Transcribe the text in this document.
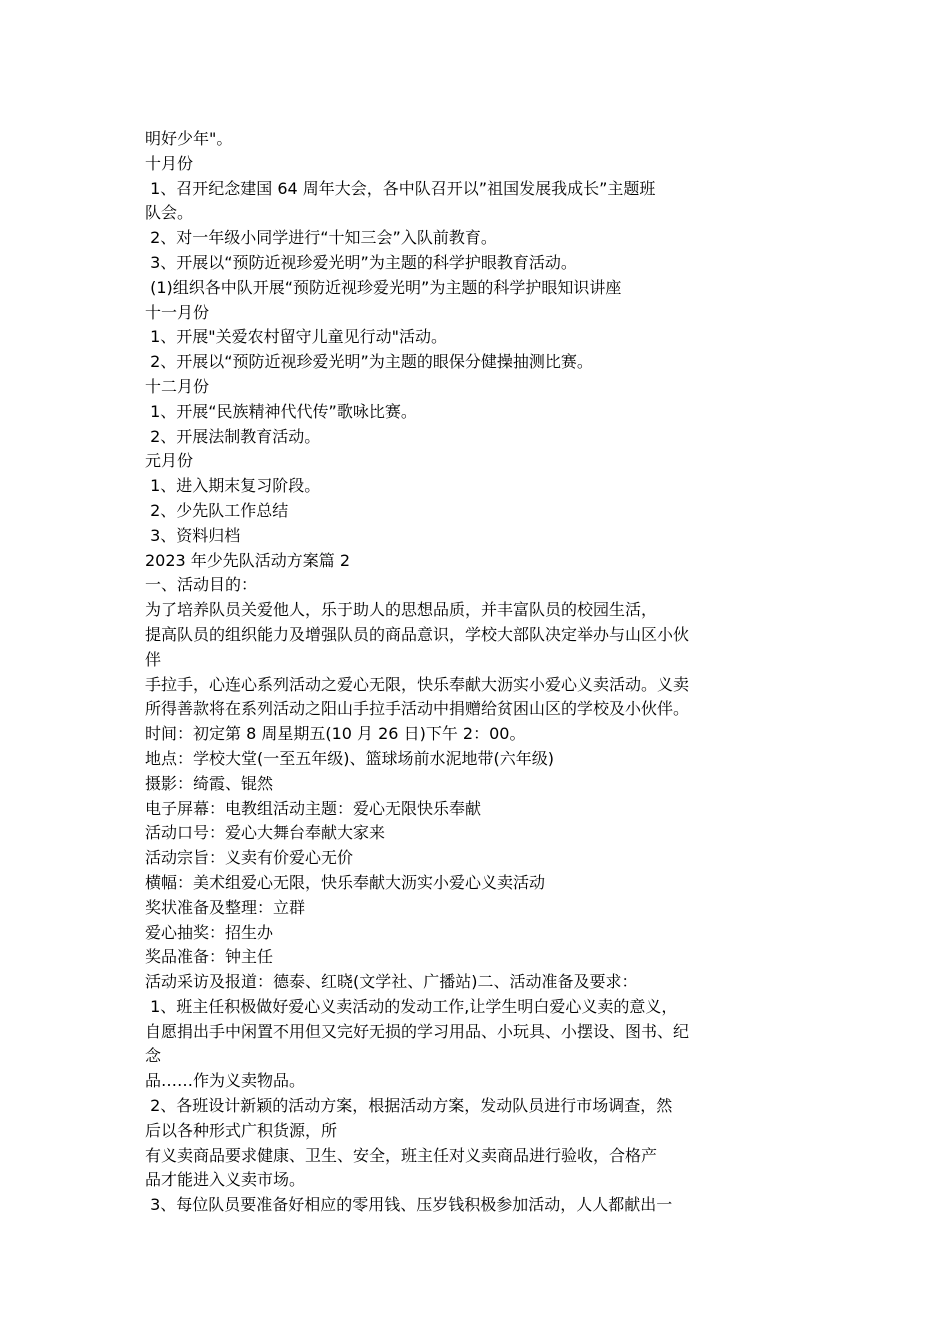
明好少年"。
十月份
1、召开纪念建国 64 周年大会，各中队召开以”祖国发展我成长”主题班
队会。
2、对一年级小同学进行“十知三会”入队前教育。
3、开展以“预防近视珍爱光明”为主题的科学护眼教育活动。
(1)组织各中队开展“预防近视珍爱光明”为主题的科学护眼知识讲座
十一月份
1、开展"关爱农村留守儿童见行动"活动。
2、开展以“预防近视珍爱光明”为主题的眼保分健操抽测比赛。
十二月份
1、开展“民族精神代代传”歌咏比赛。
2、开展法制教育活动。
元月份
1、进入期末复习阶段。
2、少先队工作总结
3、资料归档
2023 年少先队活动方案篇 2
一、活动目的：
为了培养队员关爱他人，乐于助人的思想品质，并丰富队员的校园生活，
提高队员的组织能力及增强队员的商品意识，学校大部队决定举办与山区小伙
伴
手拉手，心连心系列活动之爱心无限，快乐奉献大沥实小爱心义卖活动。义卖
所得善款将在系列活动之阳山手拉手活动中捐赠给贫困山区的学校及小伙伴。
时间：初定第 8 周星期五(10 月 26 日)下午 2：00。
地点：学校大堂(一至五年级)、篮球场前水泥地带(六年级)
摄影：绮霞、锟然
电子屏幕：电教组活动主题：爱心无限快乐奉献
活动口号：爱心大舞台奉献大家来
活动宗旨：义卖有价爱心无价
横幅：美术组爱心无限，快乐奉献大沥实小爱心义卖活动
奖状准备及整理：立群
爱心抽奖：招生办
奖品准备：钟主任
活动采访及报道：德泰、红晓(文学社、广播站)二、活动准备及要求：
1、班主任积极做好爱心义卖活动的发动工作,让学生明白爱心义卖的意义，
自愿捐出手中闲置不用但又完好无损的学习用品、小玩具、小摆设、图书、纪
念
品……作为义卖物品。
2、各班设计新颖的活动方案，根据活动方案，发动队员进行市场调查，然
后以各种形式广积货源，所
有义卖商品要求健康、卫生、安全，班主任对义卖商品进行验收，合格产
品才能进入义卖市场。
3、每位队员要准备好相应的零用钱、压岁钱积极参加活动，人人都献出一
